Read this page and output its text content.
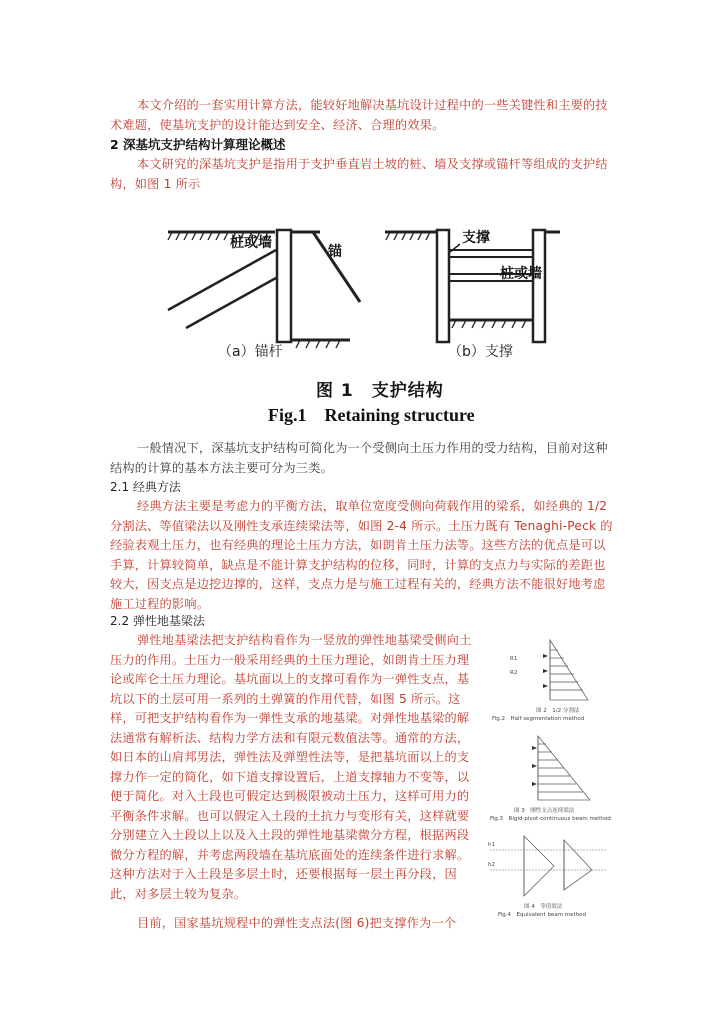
本文介绍的一套实用计算方法，能较好地解决基坑设计过程中的一些关键性和主要的技术难题，使基坑支护的设计能达到安全、经济、合理的效果。

2 深基坑支护结构计算理论概述

本文研究的深基坑支护是指用于支护垂直岩土坡的桩、墙及支撑或锚杆等组成的支护结构，如图 1 所示

桩或墙
锚
支撑
桩或墙
（a）锚杆	（b）支撑
图 1　支护结构
Fig.1　Retaining structure

一般情况下，深基坑支护结构可简化为一个受侧向土压力作用的受力结构，目前对这种结构的计算的基本方法主要可分为三类。

2.1 经典方法

经典方法主要是考虑力的平衡方法，取单位宽度受侧向荷载作用的梁系，如经典的 1/2 分割法、等值梁法以及刚性支承连续梁法等，如图 2-4 所示。土压力既有 Tenaghi-Peck 的经验表观土压力，也有经典的理论土压力方法，如朗肯土压力法等。这些方法的优点是可以手算，计算较简单，缺点是不能计算支护结构的位移，同时，计算的支点力与实际的差距也较大，因支点是边挖边撑的，这样，支点力是与施工过程有关的，经典方法不能很好地考虑施工过程的影响。

2.2 弹性地基梁法

弹性地基梁法把支护结构看作为一竖放的弹性地基梁受侧向土压力的作用。土压力一般采用经典的土压力理论，如朗肯土压力理论或库仑土压力理论。基坑面以上的支撑可看作为一弹性支点，基坑以下的土层可用一系列的土弹簧的作用代替，如图 5 所示。这样，可把支护结构看作为一弹性支承的地基梁。对弹性地基梁的解法通常有解析法、结构力学方法和有限元数值法等。通常的方法，如日本的山肩邦男法，弹性法及弹塑性法等，是把基坑面以上的支撑力作一定的简化，如下道支撑设置后，上道支撑轴力不变等，以便于简化。对入土段也可假定达到极限被动土压力，这样可用力的平衡条件求解。也可以假定入土段的土抗力与变形有关，这样就要分别建立入土段以上以及入土段的弹性地基梁微分方程，根据两段微分方程的解，并考虑两段墙在基坑底面处的连续条件进行求解。这种方法对于入土段是多层土时，还要根据每一层土再分段，因此，对多层土较为复杂。

目前，国家基坑规程中的弹性支点法(图 6)把支撑作为一个

R1
R2
图 2　1/2 分割法
Fig.2　Half segmentation method
图 3　刚性支点连续梁法
Fig.3　Rigid-pivot-continuous beam method
h1
h2
图 4　等值梁法
Fig.4　Equivalent beam method
